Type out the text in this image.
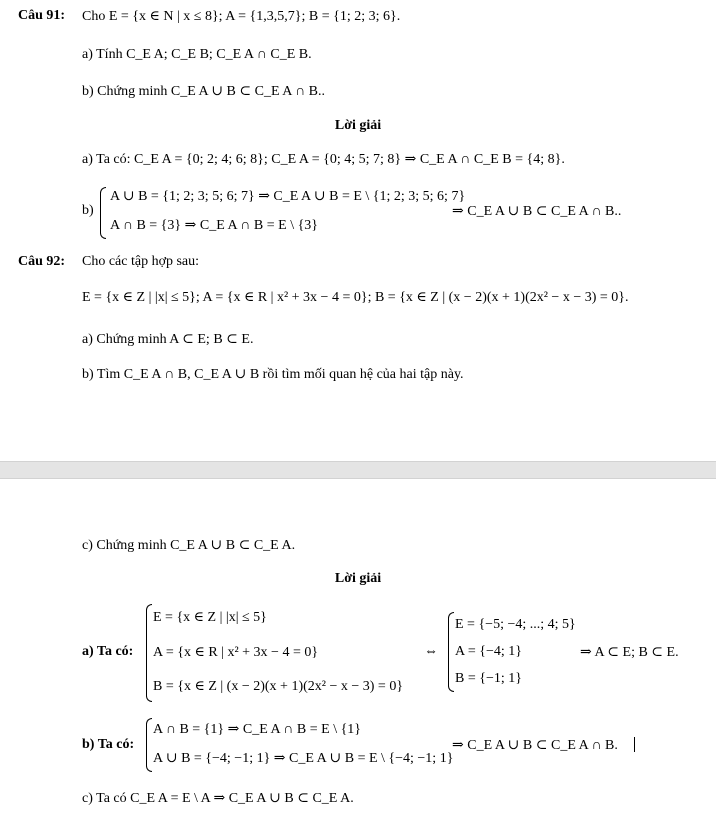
Câu 91: Cho E = {x ∈ N | x ≤ 8}; A = {1,3,5,7}; B = {1; 2; 3; 6}.
a) Tính C_E A; C_E B; C_E A ∩ C_E B.
b) Chứng minh C_E A ∪ B ⊂ C_E A ∩ B..
Lời giải
a) Ta có: C_E A = {0; 2; 4; 6; 8}; C_E A = {0; 4; 5; 7; 8} ⇒ C_E A ∩ C_E B = {4; 8}.
b)
A ∪ B = {1; 2; 3; 5; 6; 7} ⇒ C_E A ∪ B = E \ {1; 2; 3; 5; 6; 7}
A ∩ B = {3} ⇒ C_E A ∩ B = E \ {3}
⇒ C_E A ∪ B ⊂ C_E A ∩ B..
Câu 92: Cho các tập hợp sau:
E = {x ∈ Z | |x| ≤ 5}; A = {x ∈ R | x² + 3x − 4 = 0}; B = {x ∈ Z | (x − 2)(x + 1)(2x² − x − 3) = 0}.
a) Chứng minh A ⊂ E; B ⊂ E.
b) Tìm C_E A ∩ B, C_E A ∪ B rồi tìm mối quan hệ của hai tập này.
c) Chứng minh C_E A ∪ B ⊂ C_E A.
Lời giải
a) Ta có:
E = {x ∈ Z | |x| ≤ 5}
A = {x ∈ R | x² + 3x − 4 = 0}
B = {x ∈ Z | (x − 2)(x + 1)(2x² − x − 3) = 0}
⇔
E = {−5; −4; ...; 4; 5}
A = {−4; 1}
B = {−1; 1}
⇒ A ⊂ E; B ⊂ E.
b) Ta có:
A ∩ B = {1} ⇒ C_E A ∩ B = E \ {1}
A ∪ B = {−4; −1; 1} ⇒ C_E A ∪ B = E \ {−4; −1; 1}
⇒ C_E A ∪ B ⊂ C_E A ∩ B.
c) Ta có C_E A = E \ A ⇒ C_E A ∪ B ⊂ C_E A.
